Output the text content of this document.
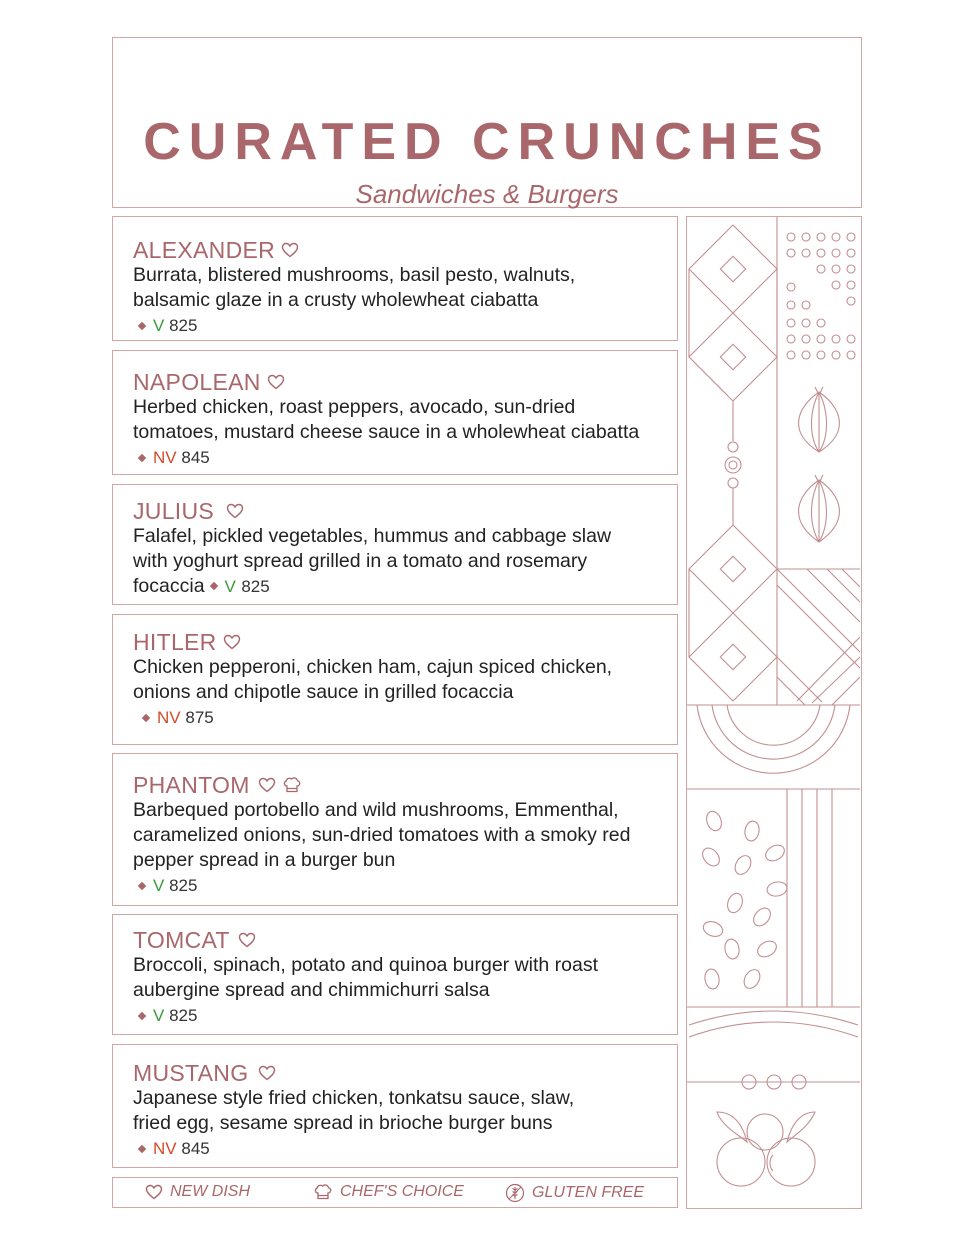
CURATED CRUNCHES
Sandwiches & Burgers
ALEXANDER
Burrata, blistered mushrooms, basil pesto, walnuts,
balsamic glaze in a crusty wholewheat ciabatta
V 825
NAPOLEAN
Herbed chicken, roast peppers, avocado, sun-dried
tomatoes, mustard cheese sauce in a wholewheat ciabatta
NV 845
JULIUS
Falafel, pickled vegetables, hummus and cabbage slaw
with yoghurt spread grilled in a tomato and rosemary
focaccia V 825
HITLER
Chicken pepperoni, chicken ham, cajun spiced chicken,
onions and chipotle sauce in grilled focaccia
NV 875
PHANTOM
Barbequed portobello and wild mushrooms, Emmenthal,
caramelized onions, sun-dried tomatoes with a smoky red
pepper spread in a burger bun
V 825
TOMCAT
Broccoli, spinach, potato and quinoa burger with roast
aubergine spread and chimmichurri salsa
V 825
MUSTANG
Japanese style fried chicken, tonkatsu sauce, slaw,
fried egg, sesame spread in brioche burger buns
NV 845
NEW DISH	CHEF'S CHOICE	GLUTEN FREE
